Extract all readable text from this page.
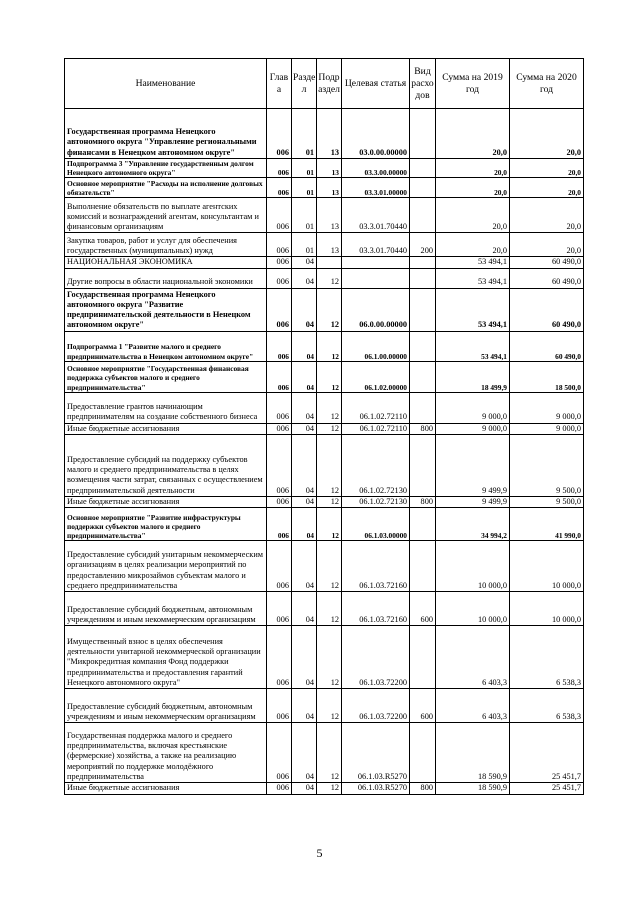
Наименование	Глав а	Разде л	Подр аздел	Целевая статья	Вид расхо дов	Сумма на 2019 год	Сумма на 2020 год
Государственная программа Ненецкого автономного округа "Управление региональными финансами в Ненецком автономном округе"	006	01	13	03.0.00.00000		20,0	20,0
Подпрограмма 3 "Управление государственным долгом Ненецкого автономного округа"	006	01	13	03.3.00.00000		20,0	20,0
Основное мероприятие "Расходы на исполнение долговых обязательств"	006	01	13	03.3.01.00000		20,0	20,0
Выполнение обязательств по выплате агентских комиссий и вознаграждений агентам, консультантам и финансовым организациям	006	01	13	03.3.01.70440		20,0	20,0
Закупка товаров, работ и услуг для обеспечения государственных (муниципальных) нужд	006	01	13	03.3.01.70440	200	20,0	20,0
НАЦИОНАЛЬНАЯ ЭКОНОМИКА	006	04				53 494,1	60 490,0
Другие вопросы в области национальной экономики	006	04	12			53 494,1	60 490,0
Государственная программа Ненецкого автономного округа "Развитие предпринимательской деятельности в Ненецком автономном округе"	006	04	12	06.0.00.00000		53 494,1	60 490,0
Подпрограмма 1 "Развитие малого и среднего предпринимательства в Ненецком автономном округе"	006	04	12	06.1.00.00000		53 494,1	60 490,0
Основное мероприятие "Государственная финансовая поддержка субъектов малого и среднего предпринимательства"	006	04	12	06.1.02.00000		18 499,9	18 500,0
Предоставление грантов начинающим предпринимателям на создание собственного бизнеса	006	04	12	06.1.02.72110		9 000,0	9 000,0
Иные бюджетные ассигнования	006	04	12	06.1.02.72110	800	9 000,0	9 000,0
Предоставление субсидий на поддержку субъектов малого и среднего предпринимательства в целях возмещения части затрат, связанных с осуществлением предпринимательской деятельности	006	04	12	06.1.02.72130		9 499,9	9 500,0
Иные бюджетные ассигнования	006	04	12	06.1.02.72130	800	9 499,9	9 500,0
Основное мероприятие "Развитие инфраструктуры поддержки субъектов малого и среднего предпринимательства"	006	04	12	06.1.03.00000		34 994,2	41 990,0
Предоставление субсидий унитарным некоммерческим организациям в целях реализации мероприятий по предоставлению микрозаймов субъектам малого и среднего предпринимательства	006	04	12	06.1.03.72160		10 000,0	10 000,0
Предоставление субсидий бюджетным, автономным учреждениям и иным некоммерческим организациям	006	04	12	06.1.03.72160	600	10 000,0	10 000,0
Имущественный взнос в целях обеспечения деятельности унитарной некоммерческой организации "Микрокредитная компания Фонд поддержки предпринимательства и предоставления гарантий Ненецкого автономного округа"	006	04	12	06.1.03.72200		6 403,3	6 538,3
Предоставление субсидий бюджетным, автономным учреждениям и иным некоммерческим организациям	006	04	12	06.1.03.72200	600	6 403,3	6 538,3
Государственная поддержка малого и среднего предпринимательства, включая крестьянские (фермерские) хозяйства, а также на реализацию мероприятий по поддержке молодёжного предпринимательства	006	04	12	06.1.03.R5270		18 590,9	25 451,7
Иные бюджетные ассигнования	006	04	12	06.1.03.R5270	800	18 590,9	25 451,7
5
